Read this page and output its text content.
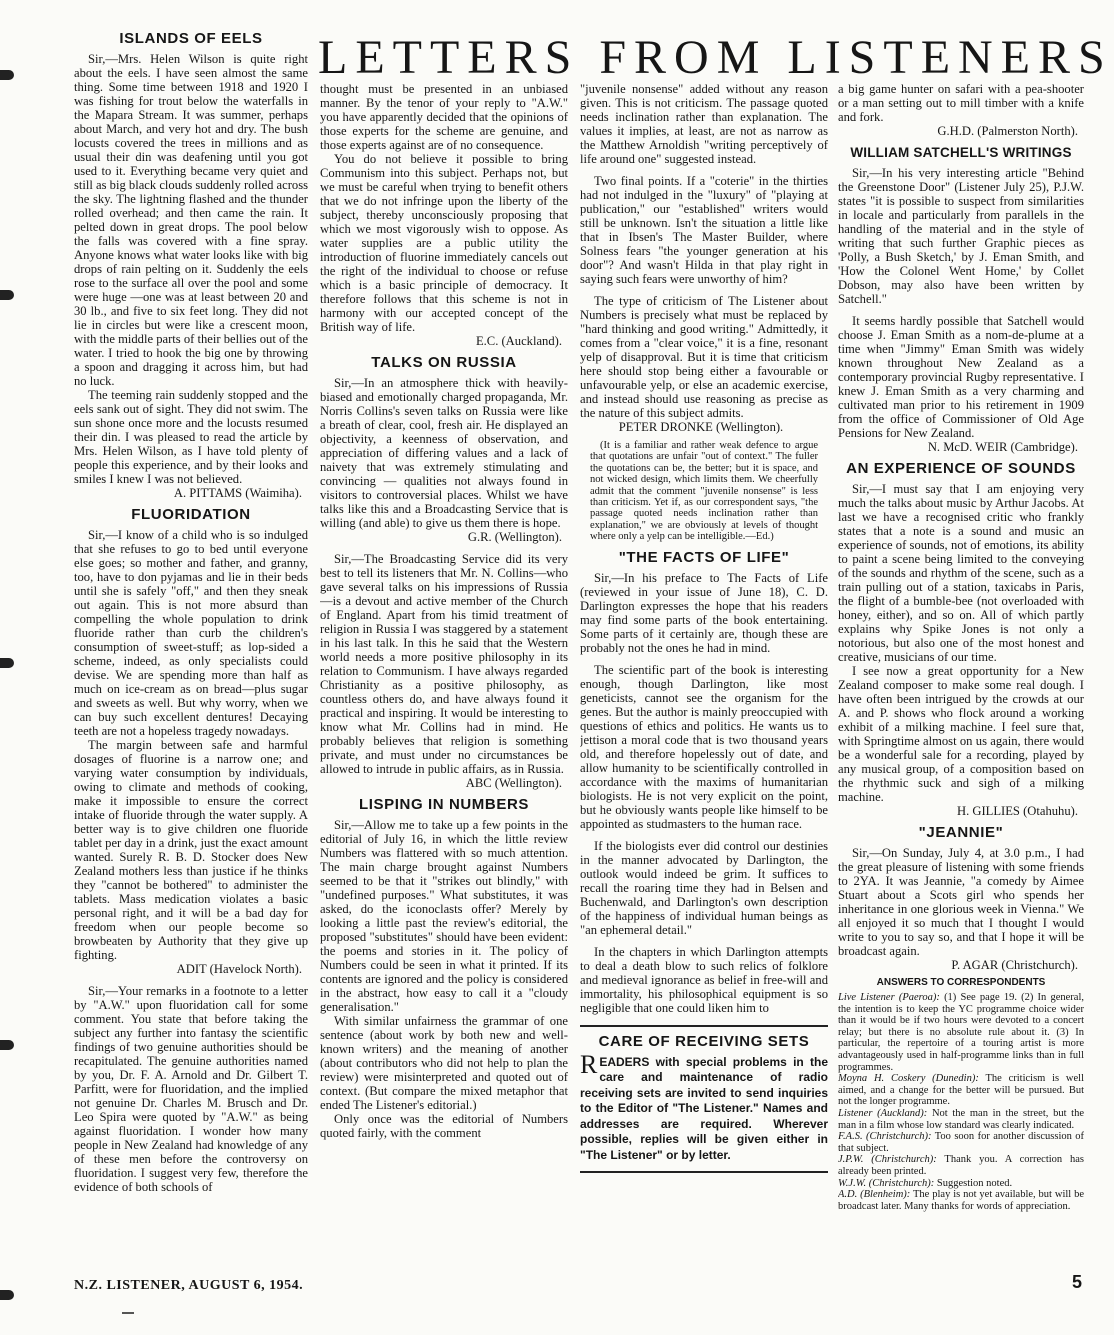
LETTERS FROM LISTENERS
ISLANDS OF EELS

Sir,—Mrs. Helen Wilson is quite right about the eels. I have seen almost the same thing. Some time between 1918 and 1920 I was fishing for trout below the waterfalls in the Mapara Stream. It was summer, perhaps about March, and very hot and dry. The bush locusts covered the trees in millions and as usual their din was deafening until you got used to it. Everything became very quiet and still as big black clouds suddenly rolled across the sky. The lightning flashed and the thunder rolled overhead; and then came the rain. It pelted down in great drops. The pool below the falls was covered with a fine spray. Anyone knows what water looks like with big drops of rain pelting on it. Suddenly the eels rose to the surface all over the pool and some were huge —one was at least between 20 and 30 lb., and five to six feet long. They did not lie in circles but were like a crescent moon, with the middle parts of their bellies out of the water. I tried to hook the big one by throwing a spoon and dragging it across him, but had no luck.

The teeming rain suddenly stopped and the eels sank out of sight. They did not swim. The sun shone once more and the locusts resumed their din. I was pleased to read the article by Mrs. Helen Wilson, as I have told plenty of people this experience, and by their looks and smiles I knew I was not believed.

A. PITTAMS (Waimiha).
FLUORIDATION

Sir,—I know of a child who is so indulged that she refuses to go to bed until everyone else goes; so mother and father, and granny, too, have to don pyjamas and lie in their beds until she is safely "off," and then they sneak out again. This is not more absurd than compelling the whole population to drink fluoride rather than curb the children's consumption of sweet-stuff; as lop-sided a scheme, indeed, as only specialists could devise. We are spending more than half as much on ice-cream as on bread—plus sugar and sweets as well. But why worry, when we can buy such excellent dentures! Decaying teeth are not a hopeless tragedy nowadays.

The margin between safe and harmful dosages of fluorine is a narrow one; and varying water consumption by individuals, owing to climate and methods of cooking, make it impossible to ensure the correct intake of fluoride through the water supply. A better way is to give children one fluoride tablet per day in a drink, just the exact amount wanted. Surely R. B. D. Stocker does New Zealand mothers less than justice if he thinks they "cannot be bothered" to administer the tablets. Mass medication violates a basic personal right, and it will be a bad day for freedom when our people become so browbeaten by Authority that they give up fighting.

ADIT (Havelock North).

Sir,—Your remarks in a footnote to a letter by "A.W." upon fluoridation call for some comment. You state that before taking the subject any further into fantasy the scientific findings of two genuine authorities should be recapitulated. The genuine authorities named by you, Dr. F. A. Arnold and Dr. Gilbert T. Parfitt, were for fluoridation, and the implied not genuine Dr. Charles M. Brusch and Dr. Leo Spira were quoted by "A.W." as being against fluoridation. I wonder how many people in New Zealand had knowledge of any of these men before the controversy on fluoridation. I suggest very few, therefore the evidence of both schools of

thought must be presented in an unbiased manner. By the tenor of your reply to "A.W." you have apparently decided that the opinions of those experts for the scheme are genuine, and those experts against are of no consequence.

You do not believe it possible to bring Communism into this subject. Perhaps not, but we must be careful when trying to benefit others that we do not infringe upon the liberty of the subject, thereby unconsciously proposing that which we most vigorously wish to oppose. As water supplies are a public utility the introduction of fluorine immediately cancels out the right of the individual to choose or refuse which is a basic principle of democracy. It therefore follows that this scheme is not in harmony with our accepted concept of the British way of life.

E.C. (Auckland).
TALKS ON RUSSIA

Sir,—In an atmosphere thick with heavily-biased and emotionally charged propaganda, Mr. Norris Collins's seven talks on Russia were like a breath of clear, cool, fresh air. He displayed an objectivity, a keenness of observation, and appreciation of differing values and a lack of naivety that was extremely stimulating and convincing — qualities not always found in visitors to controversial places. Whilst we have talks like this and a Broadcasting Service that is willing (and able) to give us them there is hope.

G.R. (Wellington).

Sir,—The Broadcasting Service did its very best to tell its listeners that Mr. N. Collins—who gave several talks on his impressions of Russia—is a devout and active member of the Church of England. Apart from his timid treatment of religion in Russia I was staggered by a statement in his last talk. In this he said that the Western world needs a more positive philosophy in its relation to Communism. I have always regarded Christianity as a positive philosophy, as countless others do, and have always found it practical and inspiring. It would be interesting to know what Mr. Collins had in mind. He probably believes that religion is something private, and must under no circumstances be allowed to intrude in public affairs, as in Russia.

ABC (Wellington).
LISPING IN NUMBERS

Sir,—Allow me to take up a few points in the editorial of July 16, in which the little review Numbers was flattered with so much attention. The main charge brought against Numbers seemed to be that it "strikes out blindly," with "undefined purposes." What substitutes, it was asked, do the iconoclasts offer? Merely by looking a little past the review's editorial, the proposed "substitutes" should have been evident: the poems and stories in it. The policy of Numbers could be seen in what it printed. If its contents are ignored and the policy is considered in the abstract, how easy to call it a "cloudy generalisation."

With similar unfairness the grammar of one sentence (about work by both new and well-known writers) and the meaning of another (about contributors who did not help to plan the review) were misinterpreted and quoted out of context. (But compare the mixed metaphor that ended The Listener's editorial.)

Only once was the editorial of Numbers quoted fairly, with the comment

"juvenile nonsense" added without any reason given. This is not criticism. The passage quoted needs inclination rather than explanation. The values it implies, at least, are not as narrow as the Matthew Arnoldish "writing perceptively of life around one" suggested instead.

Two final points. If a "coterie" in the thirties had not indulged in the "luxury" of "playing at publication," our "established" writers would still be unknown. Isn't the situation a little like that in Ibsen's The Master Builder, where Solness fears "the younger generation at his door"? And wasn't Hilda in that play right in saying such fears were unworthy of him?

The type of criticism of The Listener about Numbers is precisely what must be replaced by "hard thinking and good writing." Admittedly, it comes from a "clear voice," it is a fine, resonant yelp of disapproval. But it is time that criticism here should stop being either a favourable or unfavourable yelp, or else an academic exercise, and instead should use reasoning as precise as the nature of this subject admits.

PETER DRONKE (Wellington).

(It is a familiar and rather weak defence to argue that quotations are unfair "out of context." The fuller the quotations can be, the better; but it is space, and not wicked design, which limits them. We cheerfully admit that the comment "juvenile nonsense" is less than criticism. Yet if, as our correspondent says, "the passage quoted needs inclination rather than explanation," we are obviously at levels of thought where only a yelp can be intelligible.—Ed.)

"THE FACTS OF LIFE"

Sir,—In his preface to The Facts of Life (reviewed in your issue of June 18), C. D. Darlington expresses the hope that his readers may find some parts of the book entertaining. Some parts of it certainly are, though these are probably not the ones he had in mind.

The scientific part of the book is interesting enough, though Darlington, like most geneticists, cannot see the organism for the genes. But the author is mainly preoccupied with questions of ethics and politics. He wants us to jettison a moral code that is two thousand years old, and therefore hopelessly out of date, and allow humanity to be scientifically controlled in accordance with the maxims of humanitarian biologists. He is not very explicit on the point, but he obviously wants people like himself to be appointed as studmasters to the human race.

If the biologists ever did control our destinies in the manner advocated by Darlington, the outlook would indeed be grim. It suffices to recall the roaring time they had in Belsen and Buchenwald, and Darlington's own description of the happiness of individual human beings as "an ephemeral detail."

In the chapters in which Darlington attempts to deal a death blow to such relics of folklore and medieval ignorance as belief in free-will and immortality, his philosophical equipment is so negligible that one could liken him to

CARE OF RECEIVING SETS
READERS with special problems in the care and maintenance of radio receiving sets are invited to send inquiries to the Editor of "The Listener." Names and addresses are required. Wherever possible, replies will be given either in "The Listener" or by letter.

a big game hunter on safari with a pea-shooter or a man setting out to mill timber with a knife and fork.

G.H.D. (Palmerston North).
WILLIAM SATCHELL'S WRITINGS

Sir,—In his very interesting article "Behind the Greenstone Door" (Listener July 25), P.J.W. states "it is possible to suspect from similarities in locale and particularly from parallels in the handling of the material and in the style of writing that such further Graphic pieces as 'Polly, a Bush Sketch,' by J. Eman Smith, and 'How the Colonel Went Home,' by Collet Dobson, may also have been written by Satchell."

It seems hardly possible that Satchell would choose J. Eman Smith as a nom-de-plume at a time when "Jimmy" Eman Smith was widely known throughout New Zealand as a contemporary provincial Rugby representative. I knew J. Eman Smith as a very charming and cultivated man prior to his retirement in 1909 from the office of Commissioner of Old Age Pensions for New Zealand.

N. McD. WEIR (Cambridge).
AN EXPERIENCE OF SOUNDS

Sir,—I must say that I am enjoying very much the talks about music by Arthur Jacobs. At last we have a recognised critic who frankly states that a note is a sound and music an experience of sounds, not of emotions, its ability to paint a scene being limited to the conveying of the sounds and rhythm of the scene, such as a train pulling out of a station, taxicabs in Paris, the flight of a bumble-bee (not overloaded with honey, either), and so on. All of which partly explains why Spike Jones is not only a notorious, but also one of the most honest and creative, musicians of our time.

I see now a great opportunity for a New Zealand composer to make some real dough. I have often been intrigued by the crowds at our A. and P. shows who flock around a working exhibit of a milking machine. I feel sure that, with Springtime almost on us again, there would be a wonderful sale for a recording, played by any musical group, of a composition based on the rhythmic suck and sigh of a milking machine.

H. GILLIES (Otahuhu).
"JEANNIE"

Sir,—On Sunday, July 4, at 3.0 p.m., I had the great pleasure of listening with some friends to 2YA. It was Jeannie, "a comedy by Aimee Stuart about a Scots girl who spends her inheritance in one glorious week in Vienna." We all enjoyed it so much that I thought I would write to you to say so, and that I hope it will be broadcast again.

P. AGAR (Christchurch).
ANSWERS TO CORRESPONDENTS

Live Listener (Paeroa): (1) See page 19. (2) In general, the intention is to keep the YC programme choice wider than it would be if two hours were devoted to a concert relay; but there is no absolute rule about it. (3) In particular, the repertoire of a touring artist is more advantageously used in half-programme links than in full programmes.

Moyna H. Coskery (Dunedin): The criticism is well aimed, and a change for the better will be pursued. But not the longer programme.

Listener (Auckland): Not the man in the street, but the man in a film whose low standard was clearly indicated.

F.A.S. (Christchurch): Too soon for another discussion of that subject.

J.P.W. (Christchurch): Thank you. A correction has already been printed.

W.J.W. (Christchurch): Suggestion noted.

A.D. (Blenheim): The play is not yet available, but will be broadcast later. Many thanks for words of appreciation.

N.Z. LISTENER, AUGUST 6, 1954.	5
